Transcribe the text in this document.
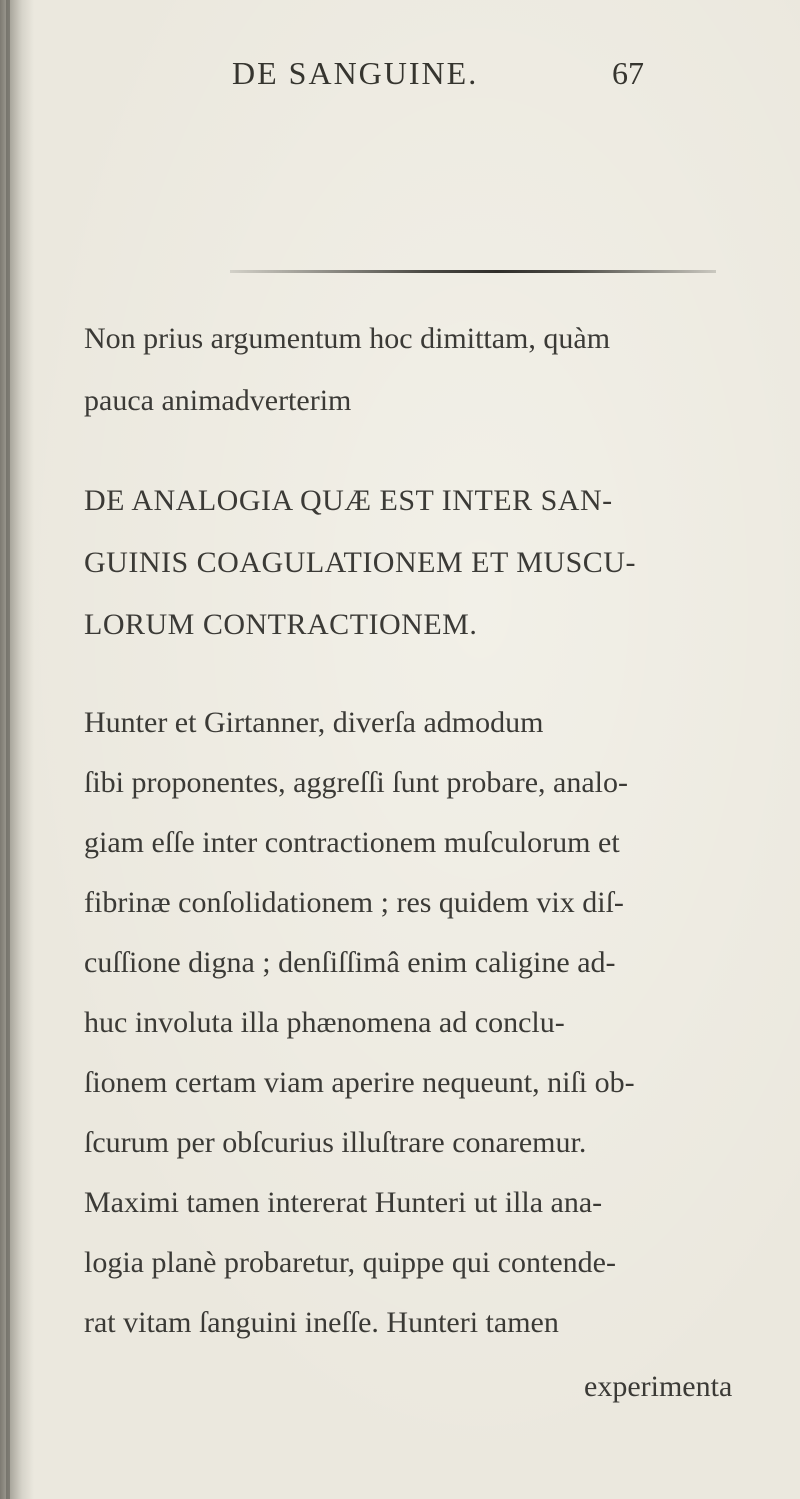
DE SANGUINE.	67
Non prius argumentum hoc dimittam, quàm
pauca animadverterim
DE ANALOGIA QUÆ EST INTER SAN-
GUINIS COAGULATIONEM ET MUSCU-
LORUM CONTRACTIONEM.
Hunter et Girtanner, diverſa admodum
ſibi proponentes, aggreſſi ſunt probare, analo-
giam eſſe inter contractionem muſculorum et
fibrinæ conſolidationem ; res quidem vix diſ-
cuſſione digna ; denſiſſimâ enim caligine ad-
huc involuta illa phænomena ad conclu-
ſionem certam viam aperire nequeunt, niſi ob-
ſcurum per obſcurius illuſtrare conaremur.
Maximi tamen intererat Hunteri ut illa ana-
logia planè probaretur, quippe qui contende-
rat vitam ſanguini ineſſe. Hunteri tamen
experimenta
